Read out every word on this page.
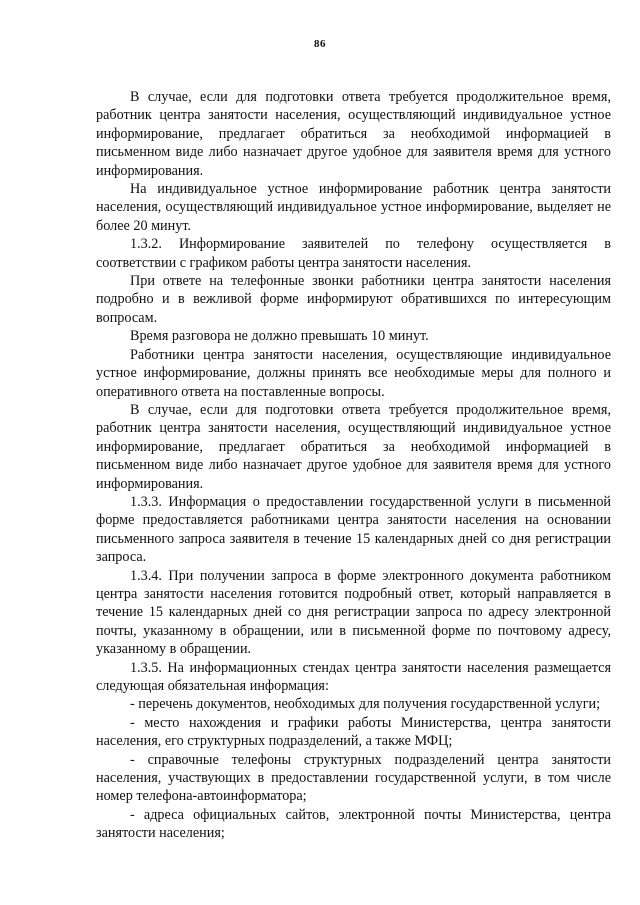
86

В случае, если для подготовки ответа требуется продолжительное время, работник центра занятости населения, осуществляющий индивидуальное устное информирование, предлагает обратиться за необходимой информацией в письменном виде либо назначает другое удобное для заявителя время для устного информирования.

На индивидуальное устное информирование работник центра занятости населения, осуществляющий индивидуальное устное информирование, выделяет не более 20 минут.

1.3.2. Информирование заявителей по телефону осуществляется в соответствии с графиком работы центра занятости населения.

При ответе на телефонные звонки работники центра занятости населения подробно и в вежливой форме информируют обратившихся по интересующим вопросам.

Время разговора не должно превышать 10 минут.

Работники центра занятости населения, осуществляющие индивидуальное устное информирование, должны принять все необходимые меры для полного и оперативного ответа на поставленные вопросы.

В случае, если для подготовки ответа требуется продолжительное время, работник центра занятости населения, осуществляющий индивидуальное устное информирование, предлагает обратиться за необходимой информацией в письменном виде либо назначает другое удобное для заявителя время для устного информирования.

1.3.3. Информация о предоставлении государственной услуги в письменной форме предоставляется работниками центра занятости населения на основании письменного запроса заявителя в течение 15 календарных дней со дня регистрации запроса.

1.3.4. При получении запроса в форме электронного документа работником центра занятости населения готовится подробный ответ, который направляется в течение 15 календарных дней со дня регистрации запроса по адресу электронной почты, указанному в обращении, или в письменной форме по почтовому адресу, указанному в обращении.

1.3.5. На информационных стендах центра занятости населения размещается следующая обязательная информация:

- перечень документов, необходимых для получения государственной услуги;

- место нахождения и графики работы Министерства, центра занятости населения, его структурных подразделений, а также МФЦ;

- справочные телефоны структурных подразделений центра занятости населения, участвующих в предоставлении государственной услуги, в том числе номер телефона-автоинформатора;

- адреса официальных сайтов, электронной почты Министерства, центра занятости населения;
